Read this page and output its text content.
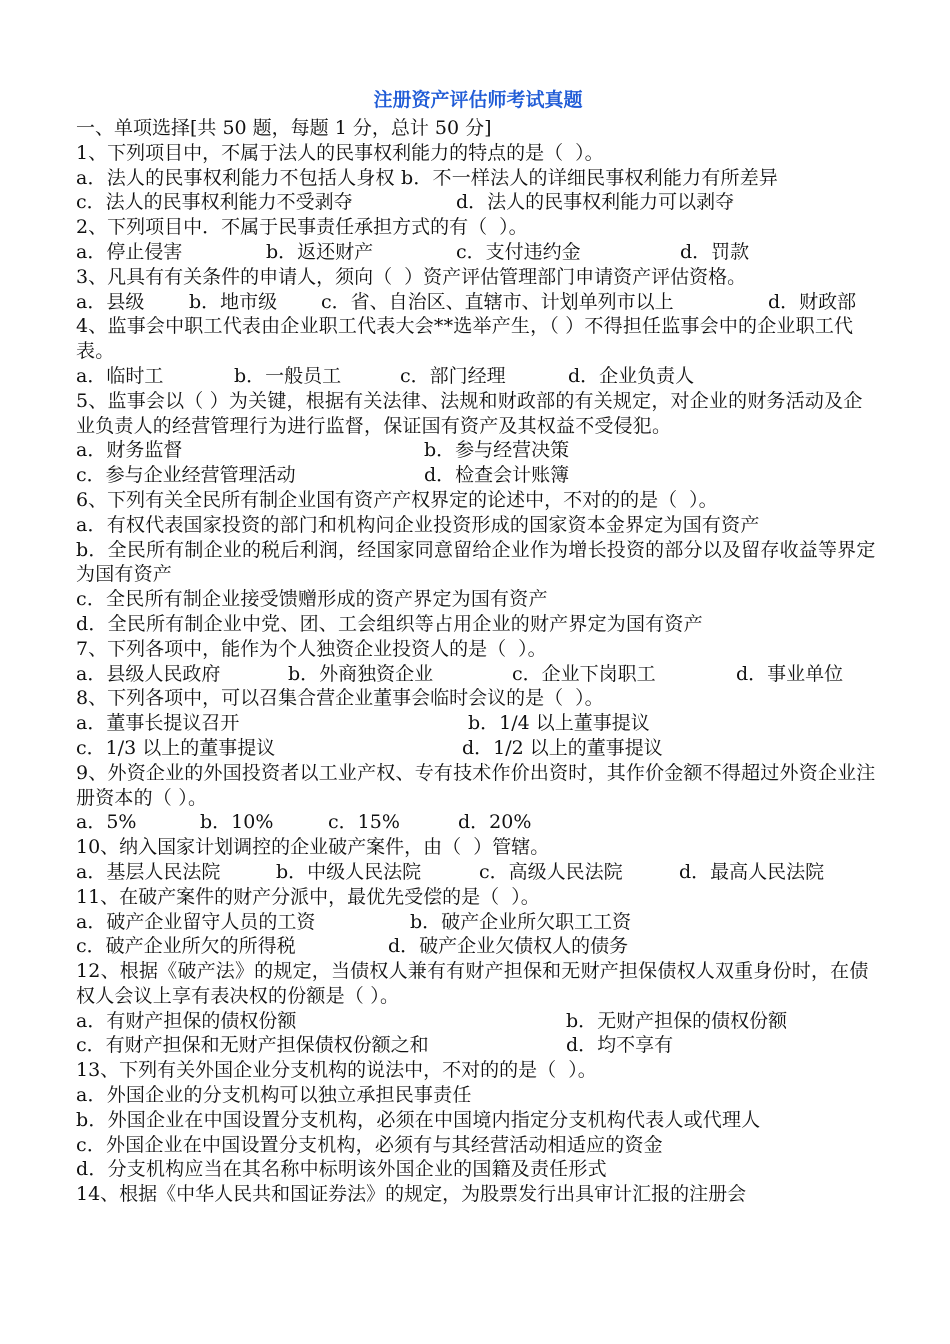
注册资产评估师考试真题

一、单项选择[共 50 题，每题 1 分，总计 50 分]

1、下列项目中，不属于法人的民事权利能力的特点的是（  ）。

a．法人的民事权利能力不包括人身权 b．不一样法人的详细民事权利能力有所差异

c．法人的民事权利能力不受剥夺	d．法人的民事权利能力可以剥夺

2、下列项目中．不属于民事责任承担方式的有（  ）。

a．停止侵害	b．返还财产	c．支付违约金	d．罚款

3、凡具有有关条件的申请人，须向（  ）资产评估管理部门申请资产评估资格。

a．县级	b．地市级	c．省、自治区、直辖市、计划单列市以上	d．财政部

4、监事会中职工代表由企业职工代表大会**选举产生，（ ）不得担任监事会中的企业职工代表。

a．临时工	b．一般员工	c．部门经理	d．企业负责人

5、监事会以（ ）为关键，根据有关法律、法规和财政部的有关规定，对企业的财务活动及企业负责人的经营管理行为进行监督，保证国有资产及其权益不受侵犯。

a．财务监督	b．参与经营决策
c．参与企业经营管理活动	d．检查会计账簿

6、下列有关全民所有制企业国有资产产权界定的论述中，不对的的是（  ）。

a．有权代表国家投资的部门和机构问企业投资形成的国家资本金界定为国有资产

b．全民所有制企业的税后利润，经国家同意留给企业作为增长投资的部分以及留存收益等界定为国有资产

c．全民所有制企业接受馈赠形成的资产界定为国有资产

d．全民所有制企业中党、团、工会组织等占用企业的财产界定为国有资产

7、下列各项中，能作为个人独资企业投资人的是（  ）。

a．县级人民政府	b．外商独资企业	c．企业下岗职工	d．事业单位

8、下列各项中，可以召集合营企业董事会临时会议的是（  ）。

a．董事长提议召开	b．1/4 以上董事提议
c．1/3 以上的董事提议	d．1/2 以上的董事提议

9、外资企业的外国投资者以工业产权、专有技术作价出资时，其作价金额不得超过外资企业注册资本的（ ）。

a．5%	b．10%	c．15%	d．20%

10、纳入国家计划调控的企业破产案件，由（  ）管辖。

a．基层人民法院	b．中级人民法院	c．高级人民法院	d．最高人民法院

11、在破产案件的财产分派中，最优先受偿的是（  ）。

a．破产企业留守人员的工资	b．破产企业所欠职工工资
c．破产企业所欠的所得税	d．破产企业欠债权人的债务

12、根据《破产法》的规定，当债权人兼有有财产担保和无财产担保债权人双重身份时，在债权人会议上享有表决权的份额是（ ）。

a．有财产担保的债权份额	b．无财产担保的债权份额
c．有财产担保和无财产担保债权份额之和	d．均不享有

13、下列有关外国企业分支机构的说法中，不对的的是（  ）。

a．外国企业的分支机构可以独立承担民事责任

b．外国企业在中国设置分支机构，必须在中国境内指定分支机构代表人或代理人

c．外国企业在中国设置分支机构，必须有与其经营活动相适应的资金

d．分支机构应当在其名称中标明该外国企业的国籍及责任形式

14、根据《中华人民共和国证券法》的规定，为股票发行出具审计汇报的注册会
